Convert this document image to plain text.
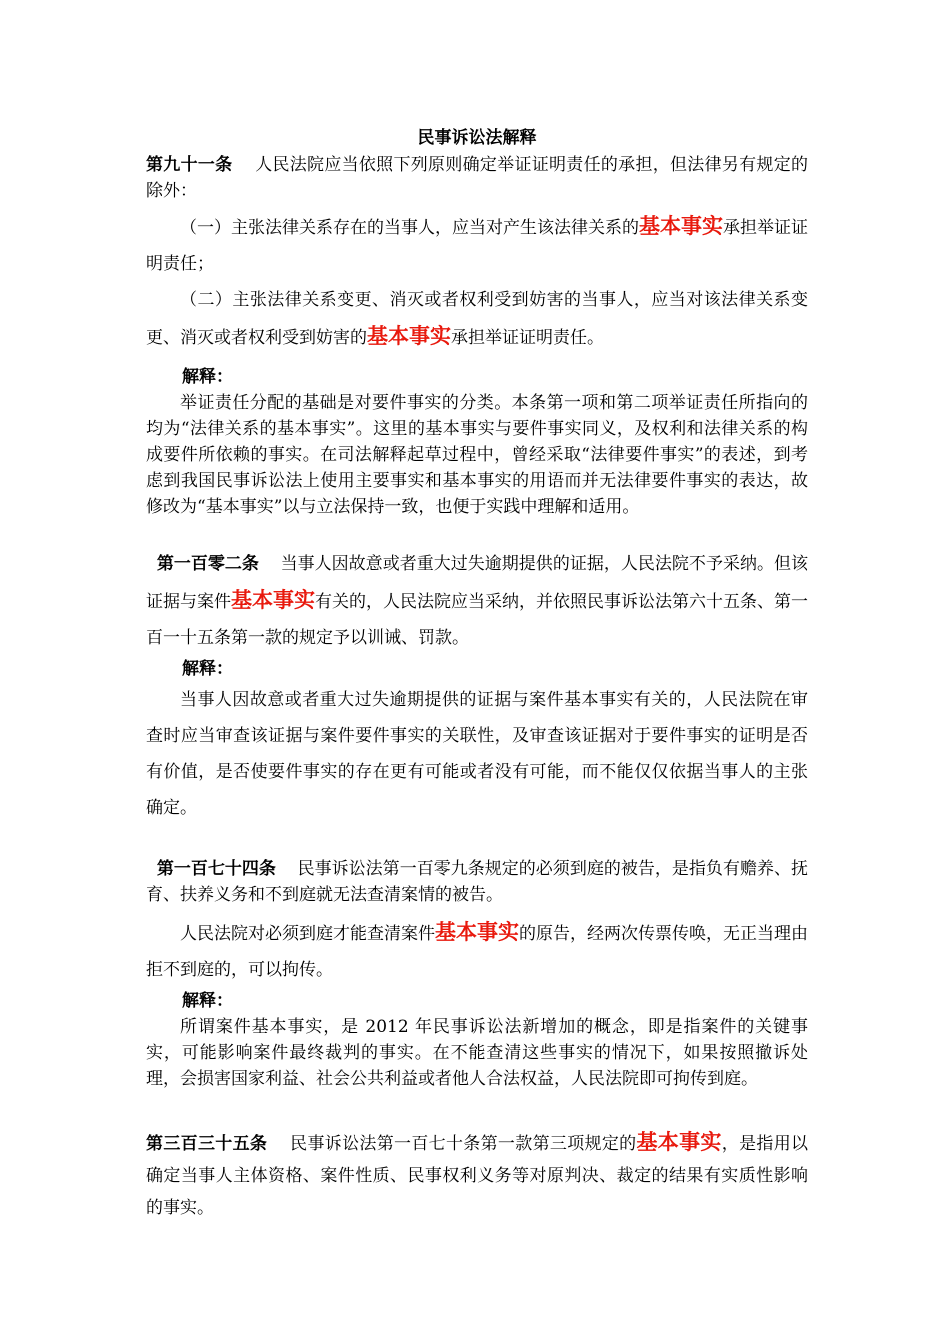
民事诉讼法解释

第九十一条 人民法院应当依照下列原则确定举证证明责任的承担，但法律另有规定的除外：

（一）主张法律关系存在的当事人，应当对产生该法律关系的基本事实承担举证证明责任；

（二）主张法律关系变更、消灭或者权利受到妨害的当事人，应当对该法律关系变更、消灭或者权利受到妨害的基本事实承担举证证明责任。

解释：

举证责任分配的基础是对要件事实的分类。本条第一项和第二项举证责任所指向的均为“法律关系的基本事实”。这里的基本事实与要件事实同义，及权利和法律关系的构成要件所依赖的事实。在司法解释起草过程中，曾经采取“法律要件事实”的表述，到考虑到我国民事诉讼法上使用主要事实和基本事实的用语而并无法律要件事实的表达，故修改为“基本事实”以与立法保持一致，也便于实践中理解和适用。

第一百零二条 当事人因故意或者重大过失逾期提供的证据，人民法院不予采纳。但该证据与案件基本事实有关的，人民法院应当采纳，并依照民事诉讼法第六十五条、第一百一十五条第一款的规定予以训诫、罚款。

解释：

当事人因故意或者重大过失逾期提供的证据与案件基本事实有关的，人民法院在审查时应当审查该证据与案件要件事实的关联性，及审查该证据对于要件事实的证明是否有价值，是否使要件事实的存在更有可能或者没有可能，而不能仅仅依据当事人的主张确定。

第一百七十四条 民事诉讼法第一百零九条规定的必须到庭的被告，是指负有赡养、抚育、扶养义务和不到庭就无法查清案情的被告。

人民法院对必须到庭才能查清案件基本事实的原告，经两次传票传唤，无正当理由拒不到庭的，可以拘传。

解释：

所谓案件基本事实，是 2012 年民事诉讼法新增加的概念，即是指案件的关键事实，可能影响案件最终裁判的事实。在不能查清这些事实的情况下，如果按照撤诉处理，会损害国家利益、社会公共利益或者他人合法权益，人民法院即可拘传到庭。

第三百三十五条 民事诉讼法第一百七十条第一款第三项规定的基本事实，是指用以确定当事人主体资格、案件性质、民事权利义务等对原判决、裁定的结果有实质性影响的事实。
